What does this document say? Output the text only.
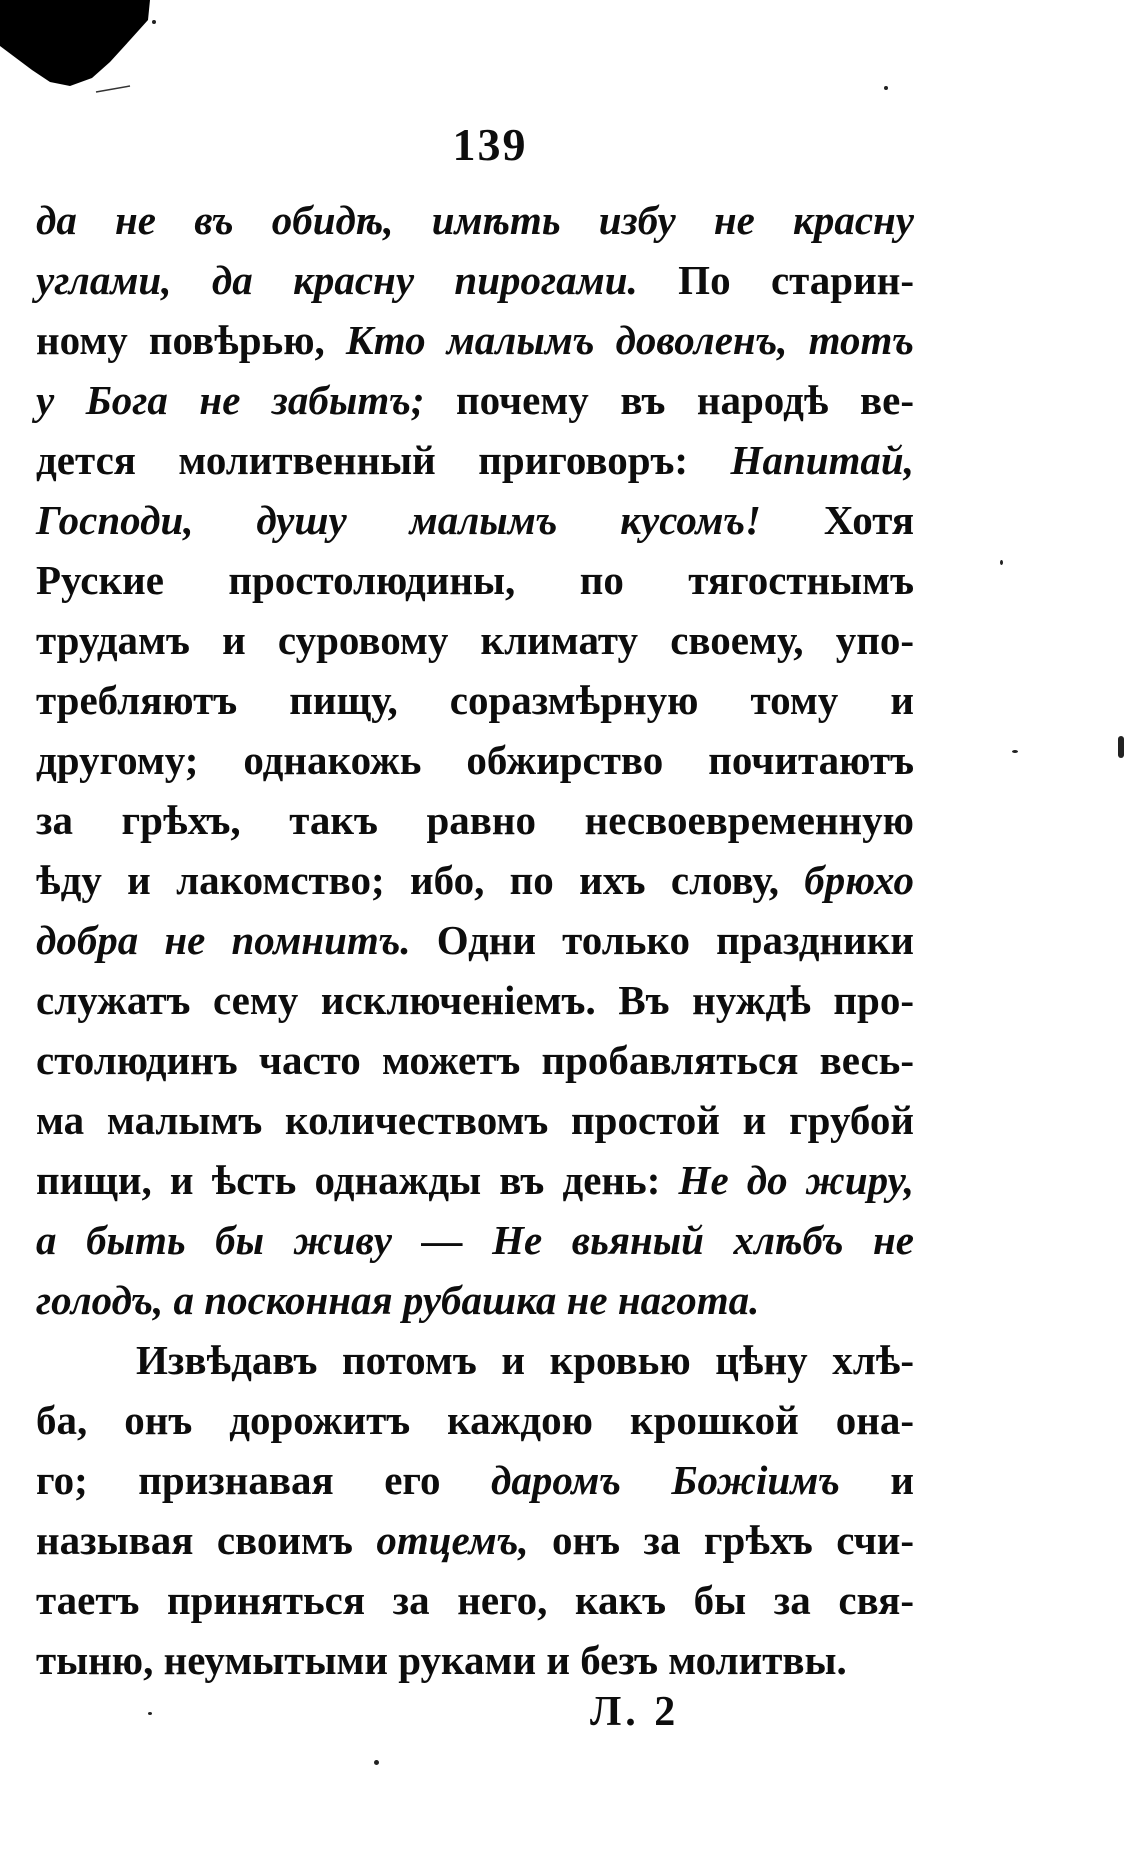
139
да не въ обидѣ, имѣть избу не красну
углами, да красну пирогами. По старин-
ному повѣрью, Кто малымъ доволенъ, тотъ
у Бога не забытъ; почему въ народѣ ве-
дется молитвенный приговоръ: Напитай,
Господи, душу малымъ кусомъ! Хотя
Руские простолюдины, по тягостнымъ
трудамъ и суровому климату своему, упо-
требляютъ пищу, соразмѣрную тому и
другому; однакожь обжирство почитаютъ
за грѣхъ, такъ равно несвоевременную
ѣду и лакомство; ибо, по ихъ слову, брюхо
добра не помнитъ. Одни только праздники
служатъ сему исключенiемъ. Въ нуждѣ про-
столюдинъ часто можетъ пробавляться весь-
ма малымъ количествомъ простой и грубой
пищи, и ѣсть однажды въ день: Не до жиру,
а быть бы живу — Не вьяный хлѣбъ не
голодъ, а посконная рубашка не нагота.
Извѣдавъ потомъ и кровью цѣну хлѣ-
ба, онъ дорожитъ каждою крошкой она-
го; признавая его даромъ Божiимъ и
называя своимъ отцемъ, онъ за грѣхъ счи-
таетъ приняться за него, какъ бы за свя-
тыню, неумытыми руками и безъ молитвы.
Л. 2
